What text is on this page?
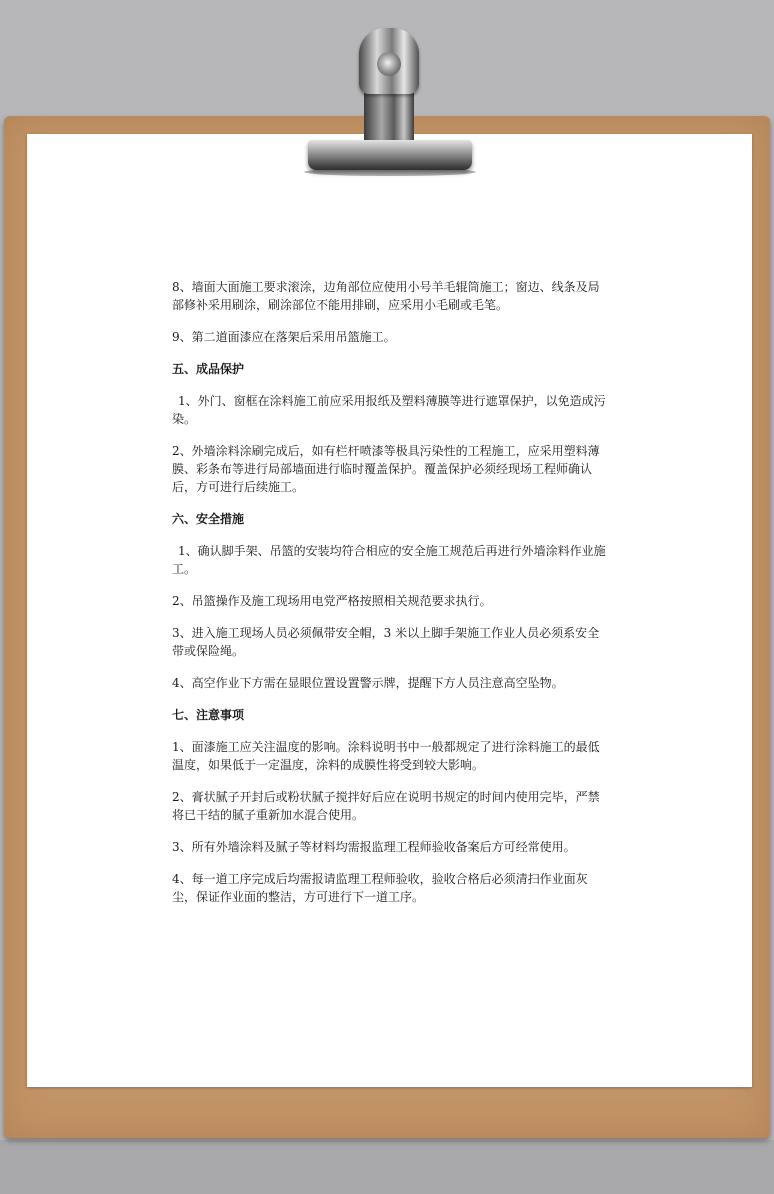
8、墙面大面施工要求滚涂，边角部位应使用小号羊毛辊筒施工；窗边、线条及局部修补采用刷涂，刷涂部位不能用排刷，应采用小毛刷或毛笔。

9、第二道面漆应在落架后采用吊篮施工。

五、成品保护

1、外门、窗框在涂料施工前应采用报纸及塑料薄膜等进行遮罩保护，以免造成污染。

2、外墙涂料涂刷完成后，如有栏杆喷漆等极具污染性的工程施工，应采用塑料薄膜、彩条布等进行局部墙面进行临时覆盖保护。覆盖保护必须经现场工程师确认后，方可进行后续施工。

六、安全措施

1、确认脚手架、吊篮的安装均符合相应的安全施工规范后再进行外墙涂料作业施工。

2、吊篮操作及施工现场用电党严格按照相关规范要求执行。

3、进入施工现场人员必须佩带安全帽，3 米以上脚手架施工作业人员必须系安全带或保险绳。

4、高空作业下方需在显眼位置设置警示牌，提醒下方人员注意高空坠物。

七、注意事项

1、面漆施工应关注温度的影响。涂料说明书中一般都规定了进行涂料施工的最低温度，如果低于一定温度，涂料的成膜性将受到较大影响。

2、膏状腻子开封后或粉状腻子搅拌好后应在说明书规定的时间内使用完毕，严禁将已干结的腻子重新加水混合使用。

3、所有外墙涂料及腻子等材料均需报监理工程师验收备案后方可经常使用。

4、每一道工序完成后均需报请监理工程师验收，验收合格后必须清扫作业面灰尘，保证作业面的整洁，方可进行下一道工序。
